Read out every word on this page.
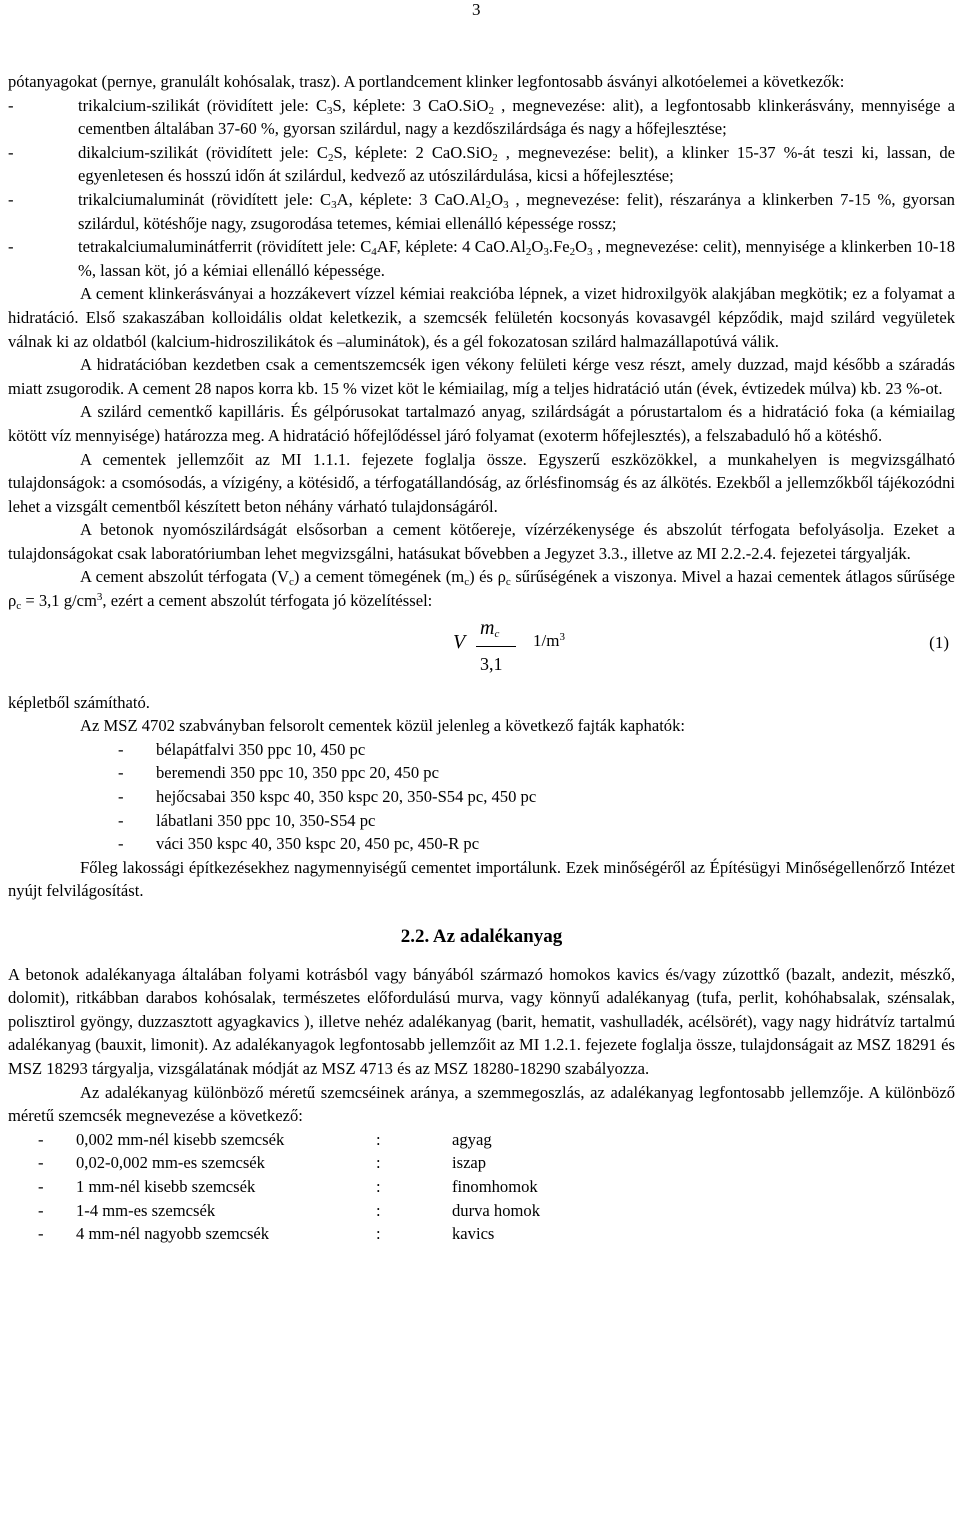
3

pótanyagokat (pernye, granulált kohósalak, trasz). A portlandcement klinker legfontosabb ásványi alkotóelemei a következők:

-	trikalcium-szilikát (rövidített jele: $C_3S$, képlete: 3 CaO.SiO$_2$ , megnevezése: alit), a legfontosabb klinkerásvány, mennyisége a cementben általában 37-60 %, gyorsan szilárdul, nagy a kezdőszilárdsága és nagy a hőfejlesztése;
-	dikalcium-szilikát (rövidített jele: $C_2S$, képlete: 2 CaO.SiO$_2$ , megnevezése: belit), a klinker 15-37 %-át teszi ki, lassan, de egyenletesen és hosszú időn át szilárdul, kedvező az utószilárdulása, kicsi a hőfejlesztése;
-	trikalciumaluminát (rövidített jele: $C_3A$, képlete: 3 $CaO.Al_2O_3$ , megnevezése: felit), részaránya a klinkerben 7-15 %, gyorsan szilárdul, kötéshője nagy, zsugorodása tetemes, kémiai ellenálló képessége rossz;
-	tetrakalciumaluminátferrit (rövidített jele: $C_4AF$, képlete: 4 $CaO.Al_2O_3.Fe_2O_3$ , megnevezése: celit), mennyisége a klinkerben 10-18 %, lassan köt, jó a kémiai ellenálló képessége.

A cement klinkerásványai a hozzákevert vízzel kémiai reakcióba lépnek, a vizet hidroxilgyök alakjában megkötik; ez a folyamat a hidratáció. Első szakaszában kolloidális oldat keletkezik, a szemcsék felületén kocsonyás kovasavgél képződik, majd szilárd vegyületek válnak ki az oldatból (kalcium-hidroszilikátok és –aluminátok), és a gél fokozatosan szilárd halmazállapotúvá válik.

A hidratációban kezdetben csak a cementszemcsék igen vékony felületi kérge vesz részt, amely duzzad, majd később a száradás miatt zsugorodik. A cement 28 napos korra kb. 15 % vizet köt le kémiailag, míg a teljes hidratáció után (évek, évtizedek múlva) kb. 23 %-ot.

A szilárd cementkő kapilláris. És gélpórusokat tartalmazó anyag, szilárdságát a pórustartalom és a hidratáció foka (a kémiailag kötött víz mennyisége) határozza meg. A hidratáció hőfejlődéssel járó folyamat (exoterm hőfejlesztés), a felszabaduló hő a kötéshő.

A cementek jellemzőit az MI 1.1.1. fejezete foglalja össze. Egyszerű eszközökkel, a munkahelyen is megvizsgálható tulajdonságok: a csomósodás, a vízigény, a kötésidő, a térfogatállandóság, az őrlésfinomság és az álkötés. Ezekből a jellemzőkből tájékozódni lehet a vizsgált cementből készített beton néhány várható tulajdonságáról.

A betonok nyomószilárdságát elsősorban a cement kötőereje, vízérzékenysége és abszolút térfogata befolyásolja. Ezeket a tulajdonságokat csak laboratóriumban lehet megvizsgálni, hatásukat bővebben a Jegyzet 3.3., illetve az MI 2.2.-2.4. fejezetei tárgyalják.

A cement abszolút térfogata $(V_c)$ a cement tömegének $(m_c)$ és $\rho_c$ sűrűségének a viszonya. Mivel a hazai cementek átlagos sűrűsége $\rho_c = 3,1$ $g/cm^3$, ezért a cement abszolút térfogata jó közelítéssel:

V
$m_c$
3,1
$1/m^3$	(1)

képletből számítható.

Az MSZ 4702 szabványban felsorolt cementek közül jelenleg a következő fajták kaphatók:

-	bélapátfalvi 350 ppc 10, 450 pc
-	beremendi 350 ppc 10, 350 ppc 20, 450 pc
-	hejőcsabai 350 kspc 40, 350 kspc 20, 350-S54 pc, 450 pc
-	lábatlani 350 ppc 10, 350-S54 pc
-	váci 350 kspc 40, 350 kspc 20, 450 pc, 450-R pc

Főleg lakossági építkezésekhez nagymennyiségű cementet importálunk. Ezek minőségéről az Építésügyi Minőségellenőrző Intézet nyújt felvilágosítást.

2.2. Az adalékanyag

A betonok adalékanyaga általában folyami kotrásból vagy bányából származó homokos kavics és/vagy zúzottkő (bazalt, andezit, mészkő, dolomit), ritkábban darabos kohósalak, természetes előfordulású murva, vagy könnyű adalékanyag (tufa, perlit, kohóhabsalak, szénsalak, polisztirol gyöngy, duzzasztott agyagkavics ), illetve nehéz adalékanyag (barit, hematit, vashulladék, acélsörét), vagy nagy hidrátvíz tartalmú adalékanyag (bauxit, limonit). Az adalékanyagok legfontosabb jellemzőit az MI 1.2.1. fejezete foglalja össze, tulajdonságait az MSZ 18291 és MSZ 18293 tárgyalja, vizsgálatának módját az MSZ 4713 és az MSZ 18280-18290 szabályozza.

Az adalékanyag különböző méretű szemcséinek aránya, a szemmegoszlás, az adalékanyag legfontosabb jellemzője. A különböző méretű szemcsék megnevezése a következő:

-	0,002 mm-nél kisebb szemcsék	:	agyag
-	0,02-0,002 mm-es szemcsék	:	iszap
-	1 mm-nél kisebb szemcsék	:	finomhomok
-	1-4 mm-es szemcsék	:	durva homok
-	4 mm-nél nagyobb szemcsék	:	kavics
